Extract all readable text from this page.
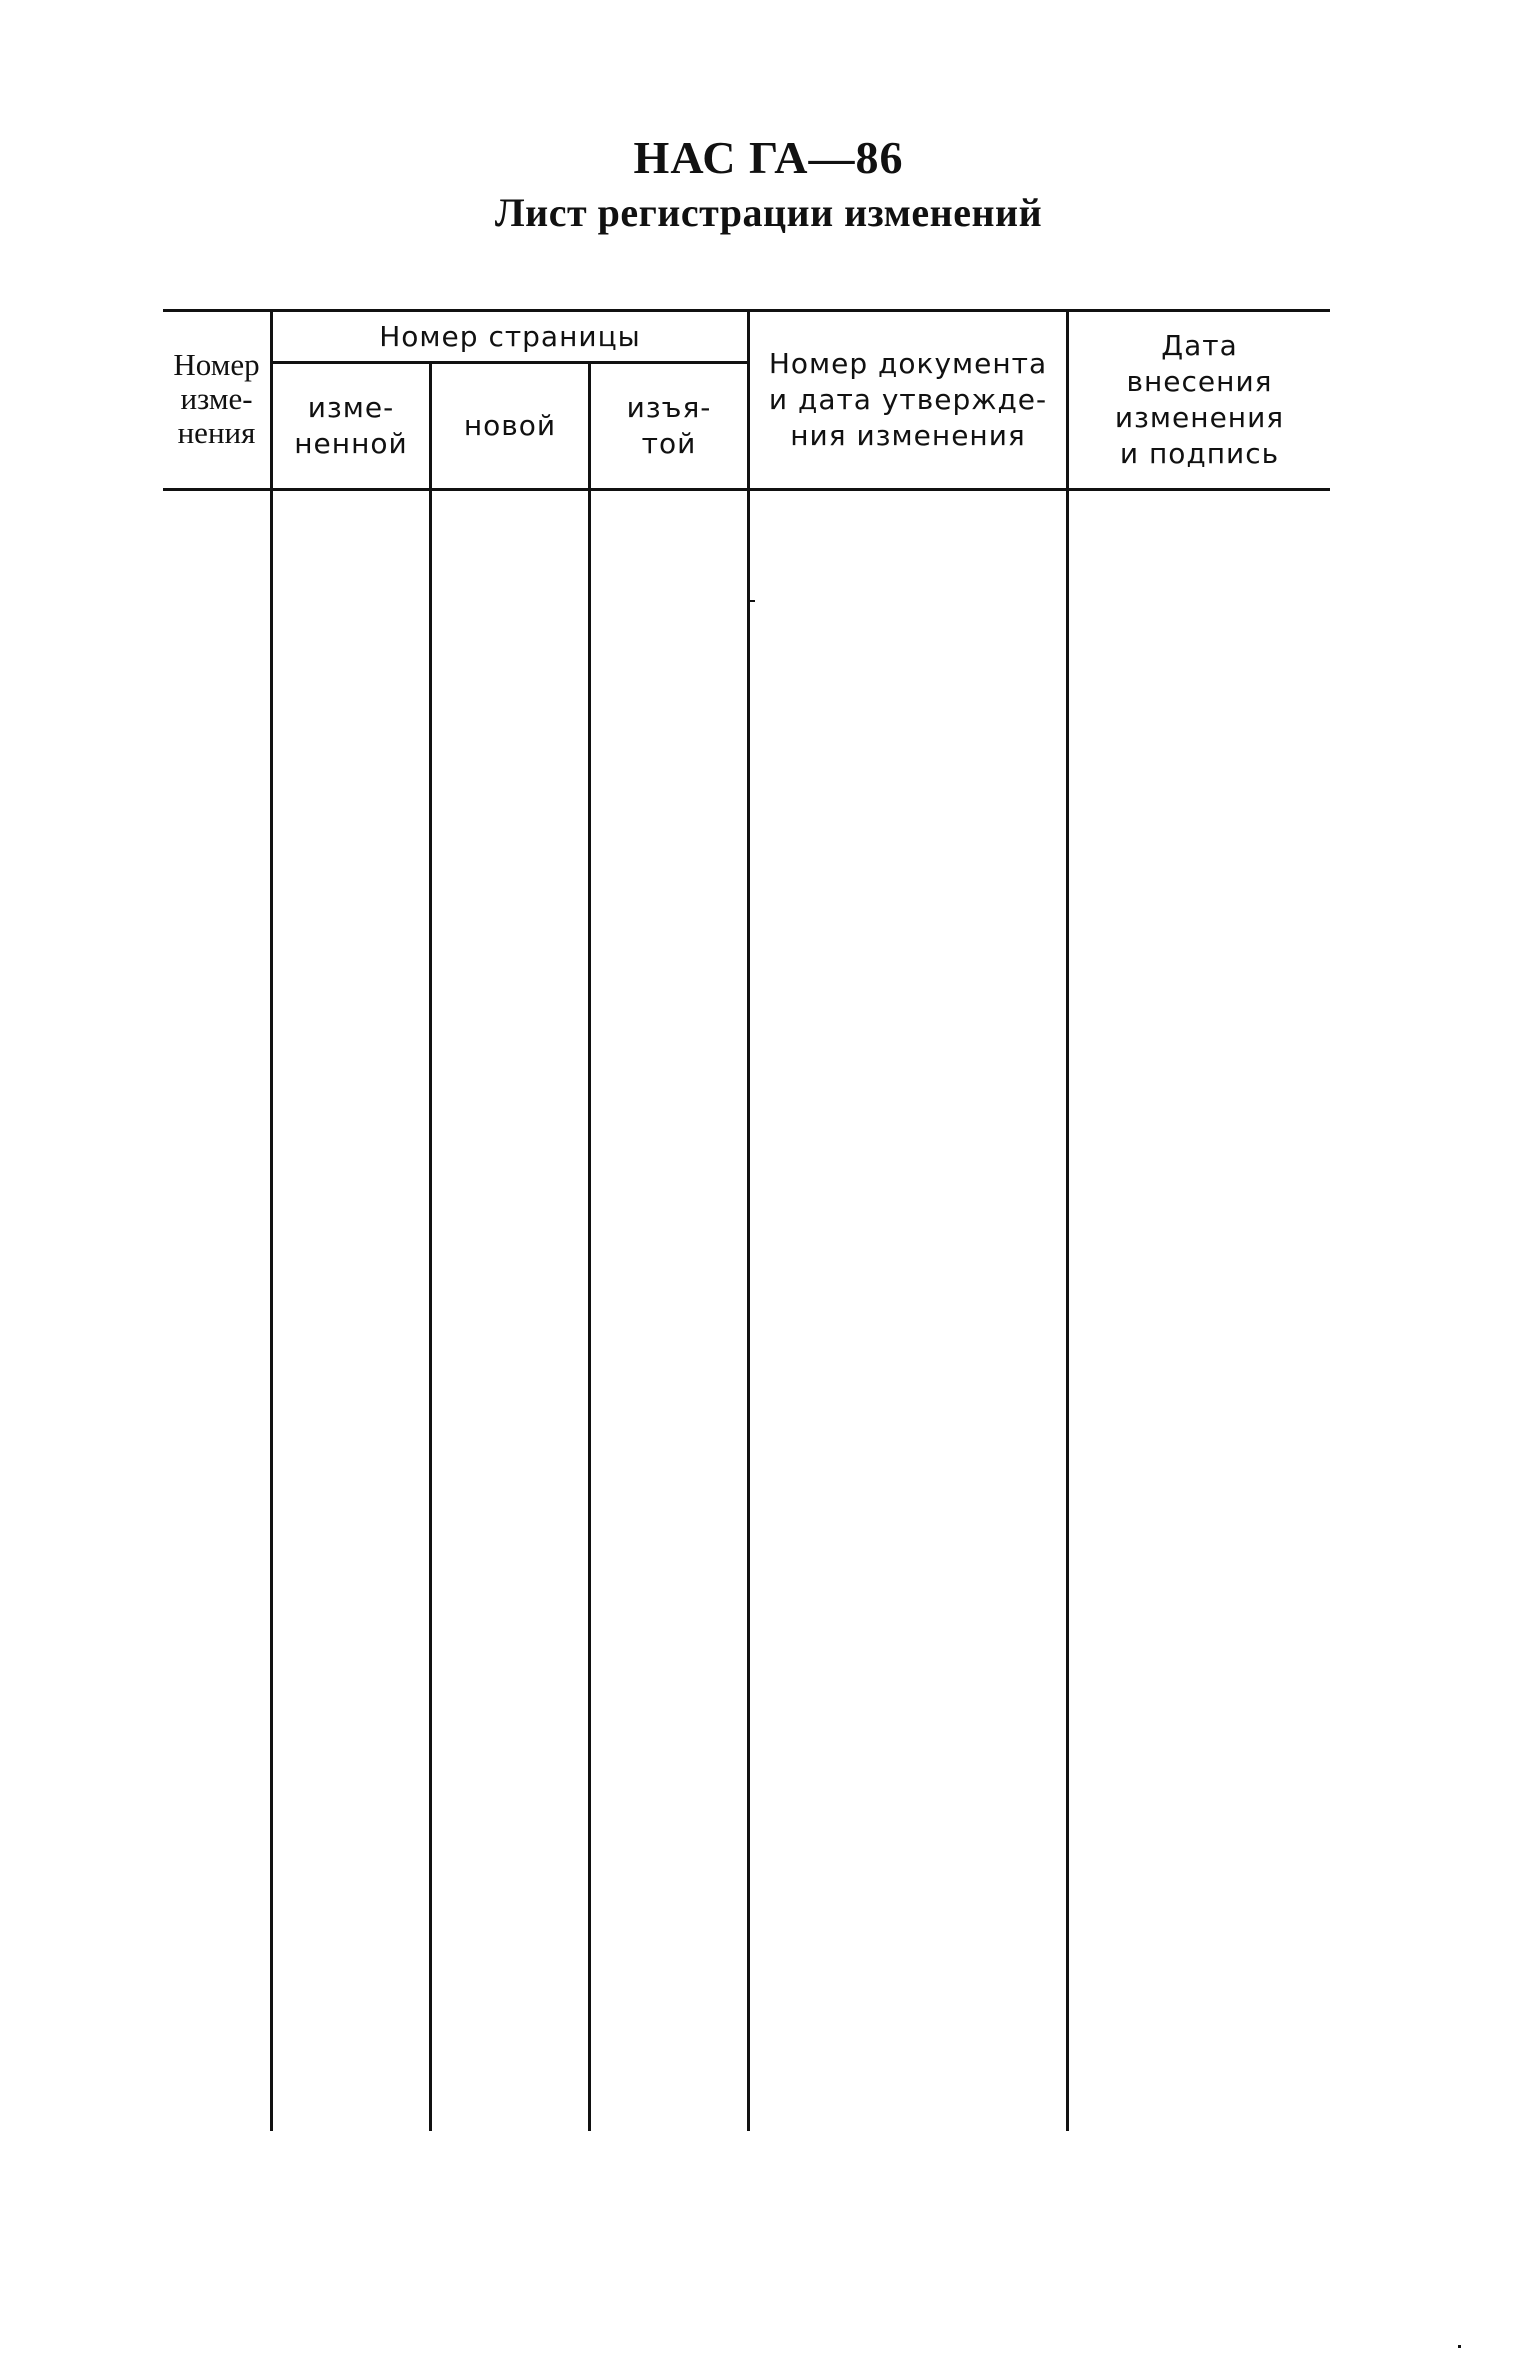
НАС ГА—86
Лист регистрации изменений
Номер
изме-
нения
Номер страницы
изме-
ненной
новой
изъя-
той
Номер документа
и дата утвержде-
ния изменения
Дата
внесения
изменения
и подпись
